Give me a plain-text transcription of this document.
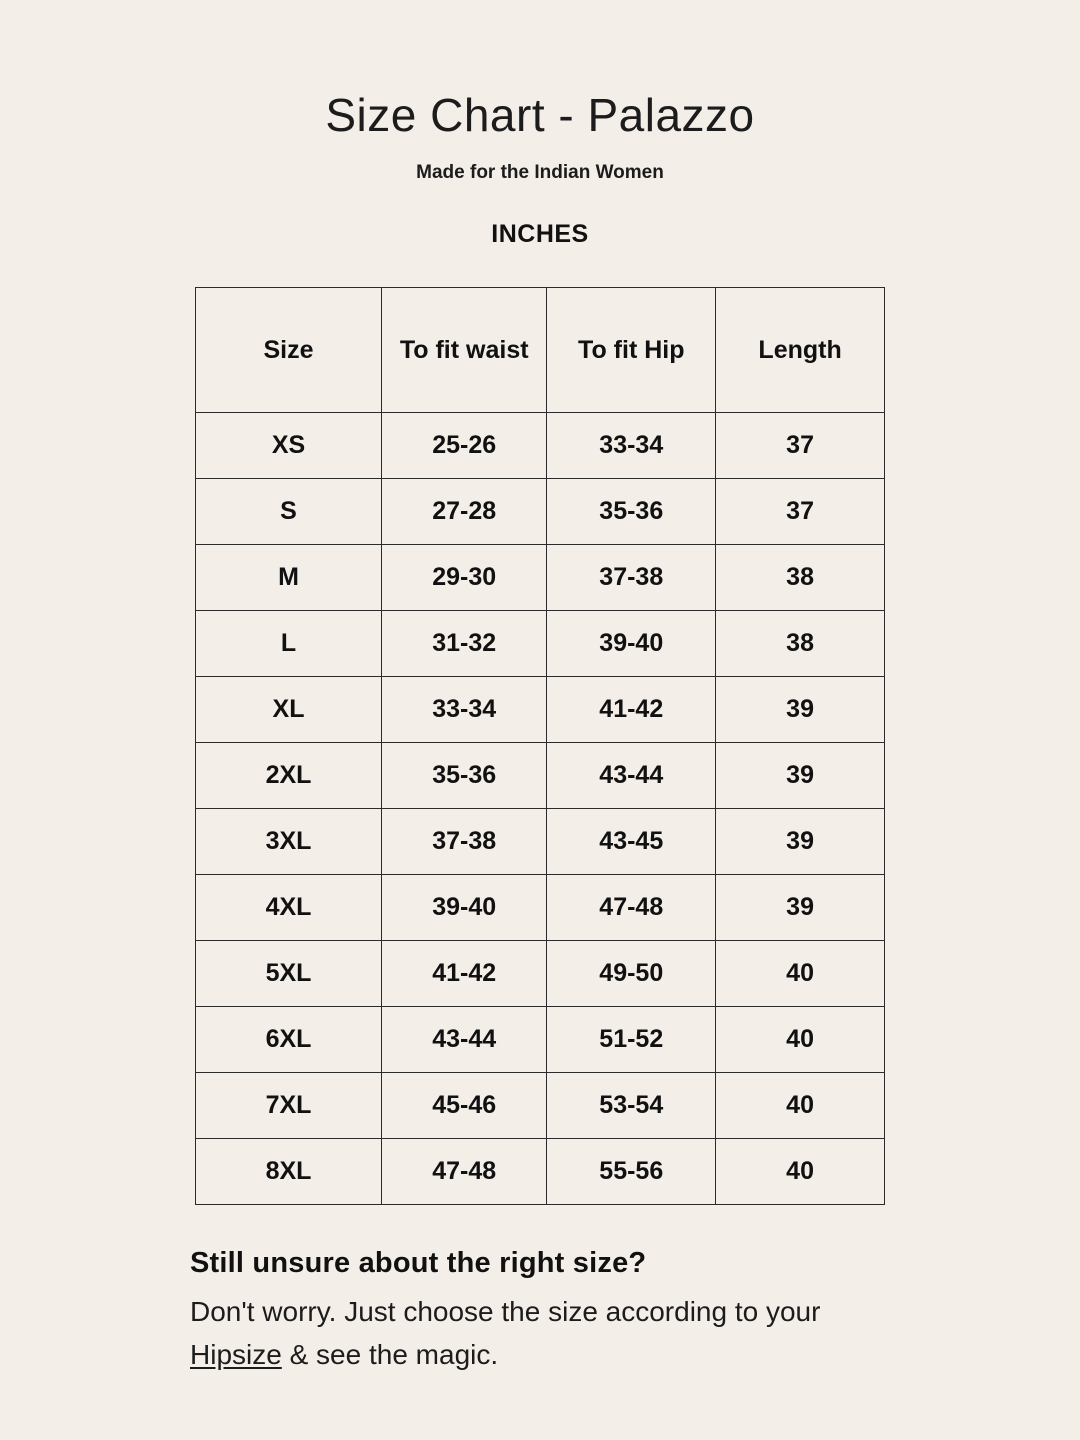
Size Chart - Palazzo

Made for the Indian Women

INCHES

Size	To fit waist	To fit Hip	Length
XS	25-26	33-34	37
S	27-28	35-36	37
M	29-30	37-38	38
L	31-32	39-40	38
XL	33-34	41-42	39
2XL	35-36	43-44	39
3XL	37-38	43-45	39
4XL	39-40	47-48	39
5XL	41-42	49-50	40
6XL	43-44	51-52	40
7XL	45-46	53-54	40
8XL	47-48	55-56	40

Still unsure about the right size?

Don't worry. Just choose the size according to your

Hipsize & see the magic.
